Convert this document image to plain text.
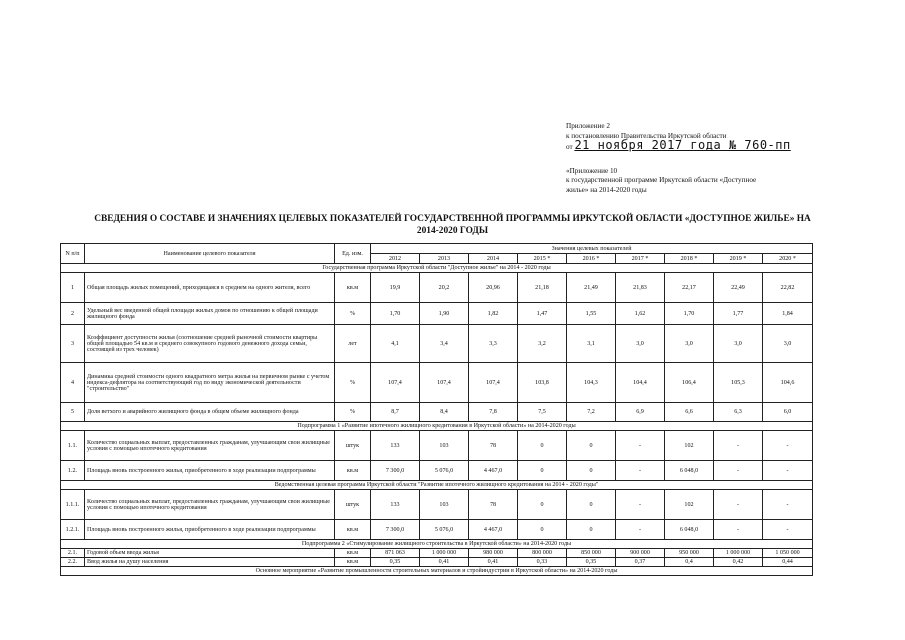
Приложение 2
к постановлению Правительства Иркутской области
от 21 ноября 2017 года № 760-пп
«Приложение 10
к государственной программе Иркутской области «Доступное
жилье» на 2014-2020 годы
СВЕДЕНИЯ О СОСТАВЕ И ЗНАЧЕНИЯХ ЦЕЛЕВЫХ ПОКАЗАТЕЛЕЙ ГОСУДАРСТВЕННОЙ ПРОГРАММЫ ИРКУТСКОЙ ОБЛАСТИ «ДОСТУПНОЕ ЖИЛЬЕ» НА
2014-2020 ГОДЫ
N п/п	Наименование целевого показателя	Ед. изм.	Значения целевых показателей								
			2012	2013	2014	2015 *	2016 *	2017 *	2018 *	2019 *	2020 *
Государственная программа Иркутской области "Доступное жилье" на 2014 - 2020 годы											
1	Общая площадь жилых помещений, приходящаяся в среднем на одного жителя, всего	кв.м	19,9	20,2	20,96	21,18	21,49	21,83	22,17	22,49	22,82
2	Удельный вес введенной общей площади жилых домов по отношению к общей площади жилищного фонда	%	1,70	1,90	1,82	1,47	1,55	1,62	1,70	1,77	1,84
3	Коэффициент доступности жилья (соотношение средней рыночной стоимости квартиры общей площадью 54 кв.м и среднего совокупного годового денежного дохода семьи, состоящей из трех человек)	лет	4,1	3,4	3,3	3,2	3,1	3,0	3,0	3,0	3,0
4	Динамика средней стоимости одного квадратного метра жилья на первичном рынке с учетом индекса-дефлятора на соответствующий год по виду экономической деятельности "строительство"	%	107,4	107,4	107,4	103,8	104,3	104,4	106,4	105,3	104,6
5	Доля ветхого и аварийного жилищного фонда в общем объеме жилищного фонда	%	8,7	8,4	7,8	7,5	7,2	6,9	6,6	6,3	6,0
Подпрограмма 1 «Развитие ипотечного жилищного кредитования в Иркутской области» на 2014-2020 годы											
1.1.	Количество социальных выплат, предоставленных гражданам, улучшающим свои жилищные условия с помощью ипотечного кредитования	штук	133	103	78	0	0	-	102	-	-
1.2.	Площадь вновь построенного жилья, приобретенного в ходе реализации подпрограммы	кв.м	7 300,0	5 076,0	4 467,0	0	0	-	6 048,0	-	-
Ведомственная целевая программа Иркутской области "Развитие ипотечного жилищного кредитования на 2014 - 2020 годы"											
1.1.1.	Количество социальных выплат, предоставленных гражданам, улучшающим свои жилищные условия с помощью ипотечного кредитования	штук	133	103	78	0	0	-	102	-	-
1.2.1.	Площадь вновь построенного жилья, приобретенного в ходе реализации подпрограммы	кв.м	7 300,0	5 076,0	4 467,0	0	0	-	6 048,0	-	-
Подпрограмма 2 «Стимулирование жилищного строительства в Иркутской области» на 2014-2020 годы											
2.1.	Годовой объем ввода жилья	кв.м	871 063	1 000 000	980 000	800 000	850 000	900 000	950 000	1 000 000	1 050 000
2.2.	Ввод жилья на душу населения	кв.м	0,35	0,41	0,41	0,33	0,35	0,37	0,4	0,42	0,44
Основное мероприятие «Развитие промышленности строительных материалов и стройиндустрии в Иркутской области» на 2014-2020 годы											
